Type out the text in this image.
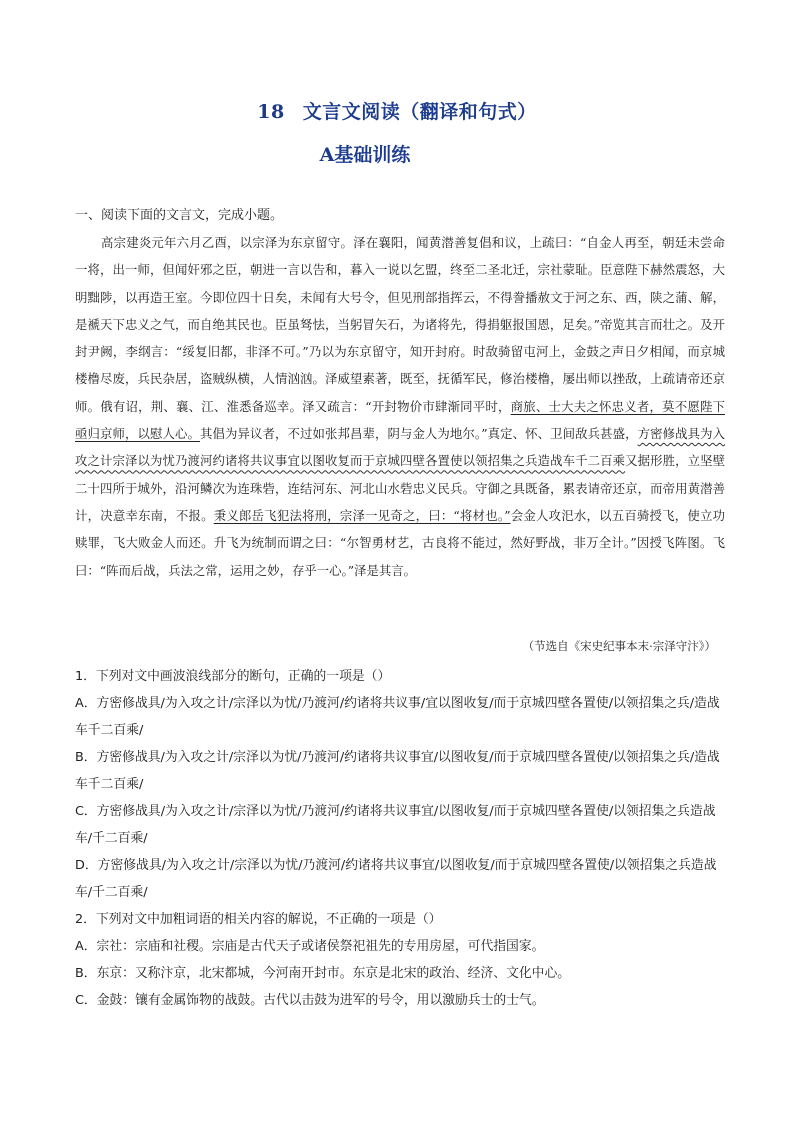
18 文言文阅读（翻译和句式）
A基础训练
一、阅读下面的文言文，完成小题。

高宗建炎元年六月乙酉，以宗泽为东京留守。泽在襄阳，闻黄潜善复倡和议，上疏曰：“自金人再至，朝廷未尝命一将，出一师，但闻奸邪之臣，朝进一言以告和，暮入一说以乞盟，终至二圣北迁，宗社蒙耻。臣意陛下赫然震怒，大明黜陟，以再造王室。今即位四十日矣，未闻有大号令，但见刑部指挥云，不得誊播赦文于河之东、西，陕之蒲、解，是褫天下忠义之气，而自绝其民也。臣虽驽怯，当躬冒矢石，为诸将先，得捐躯报国恩，足矣。”帝览其言而壮之。及开封尹阙，李纲言：“绥复旧都，非泽不可。”乃以为东京留守，知开封府。时敌骑留屯河上，金鼓之声日夕相闻，而京城楼橹尽废，兵民杂居，盗贼纵横，人情汹汹。泽威望素著，既至，抚循军民，修治楼橹，屡出师以挫敌，上疏请帝还京师。俄有诏，荆、襄、江、淮悉备巡幸。泽又疏言：“开封物价市肆渐同平时，商旅、士大夫之怀忠义者，莫不愿陛下亟归京师，以慰人心。其倡为异议者，不过如张邦昌辈，阴与金人为地尔。”真定、怀、卫间敌兵甚盛，方密修战具为入攻之计宗泽以为忧乃渡河约诸将共议事宜以图收复而于京城四壁各置使以领招集之兵造战车千二百乘又据形胜，立坚壁二十四所于城外，沿河鳞次为连珠砦，连结河东、河北山水砦忠义民兵。守御之具既备，累表请帝还京，而帝用黄潜善计，决意幸东南，不报。秉义郎岳飞犯法将刑，宗泽一见奇之，曰：“将材也。”会金人攻汜水，以五百骑授飞，使立功赎罪，飞大败金人而还。升飞为统制而谓之曰：“尔智勇材艺，古良将不能过，然好野战，非万全计。”因授飞阵图。飞曰：“阵而后战，兵法之常，运用之妙，存乎一心。”泽是其言。

（节选自《宋史纪事本末·宗泽守汴》）

1．下列对文中画波浪线部分的断句，正确的一项是（）

A．方密修战具/为入攻之计/宗泽以为忧/乃渡河/约诸将共议事/宜以图收复/而于京城四壁各置使/以领招集之兵/造战车千二百乘/

B．方密修战具/为入攻之计/宗泽以为忧/乃渡河/约诸将共议事宜/以图收复/而于京城四壁各置使/以领招集之兵/造战车千二百乘/

C．方密修战具/为入攻之计/宗泽以为忧/乃渡河/约诸将共议事宜/以图收复/而于京城四壁各置使/以领招集之兵造战车/千二百乘/

D．方密修战具/为入攻之计/宗泽以为忧/乃渡河/约诸将共议事宜/以图收复/而于京城四壁各置使/以领招集之兵造战车/千二百乘/

2．下列对文中加粗词语的相关内容的解说，不正确的一项是（）

A．宗社：宗庙和社稷。宗庙是古代天子或诸侯祭祀祖先的专用房屋，可代指国家。

B．东京：又称汴京，北宋都城，今河南开封市。东京是北宋的政治、经济、文化中心。

C．金鼓：镶有金属饰物的战鼓。古代以击鼓为进军的号令，用以激励兵士的士气。
